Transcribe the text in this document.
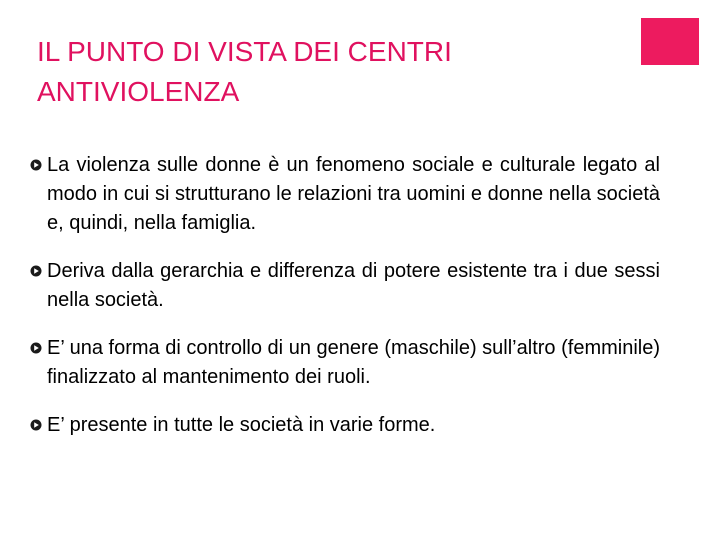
IL PUNTO DI VISTA DEI CENTRI
ANTIVIOLENZA
La violenza sulle donne è un fenomeno sociale e culturale legato al modo in cui si strutturano le relazioni tra uomini e donne nella società e, quindi, nella famiglia.
Deriva dalla gerarchia e differenza di potere esistente tra i due sessi nella società.
E’ una forma di controllo di un genere (maschile) sull’altro (femminile) finalizzato al mantenimento dei ruoli.
E’ presente in tutte le società in varie forme.
